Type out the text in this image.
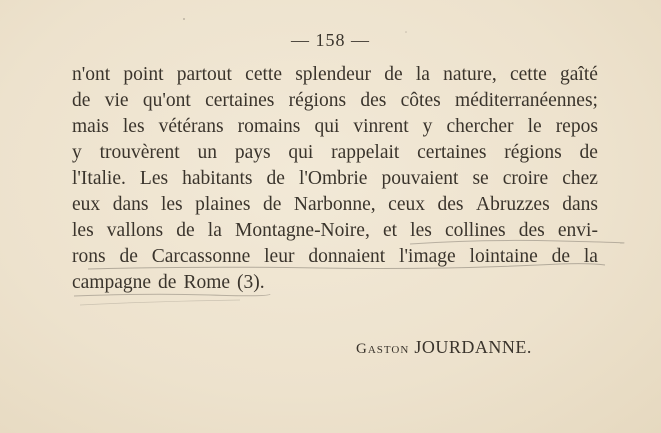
— 158 —
n'ont point partout cette splendeur de la nature, cette gaîté
de vie qu'ont certaines régions des côtes méditerranéennes;
mais les vétérans romains qui vinrent y chercher le repos
y trouvèrent un pays qui rappelait certaines régions de
l'Italie. Les habitants de l'Ombrie pouvaient se croire chez
eux dans les plaines de Narbonne, ceux des Abruzzes dans
les vallons de la Montagne-Noire, et les collines des envi-
rons de Carcassonne leur donnaient l'image lointaine de la
campagne de Rome (3).
Gaston JOURDANNE.
